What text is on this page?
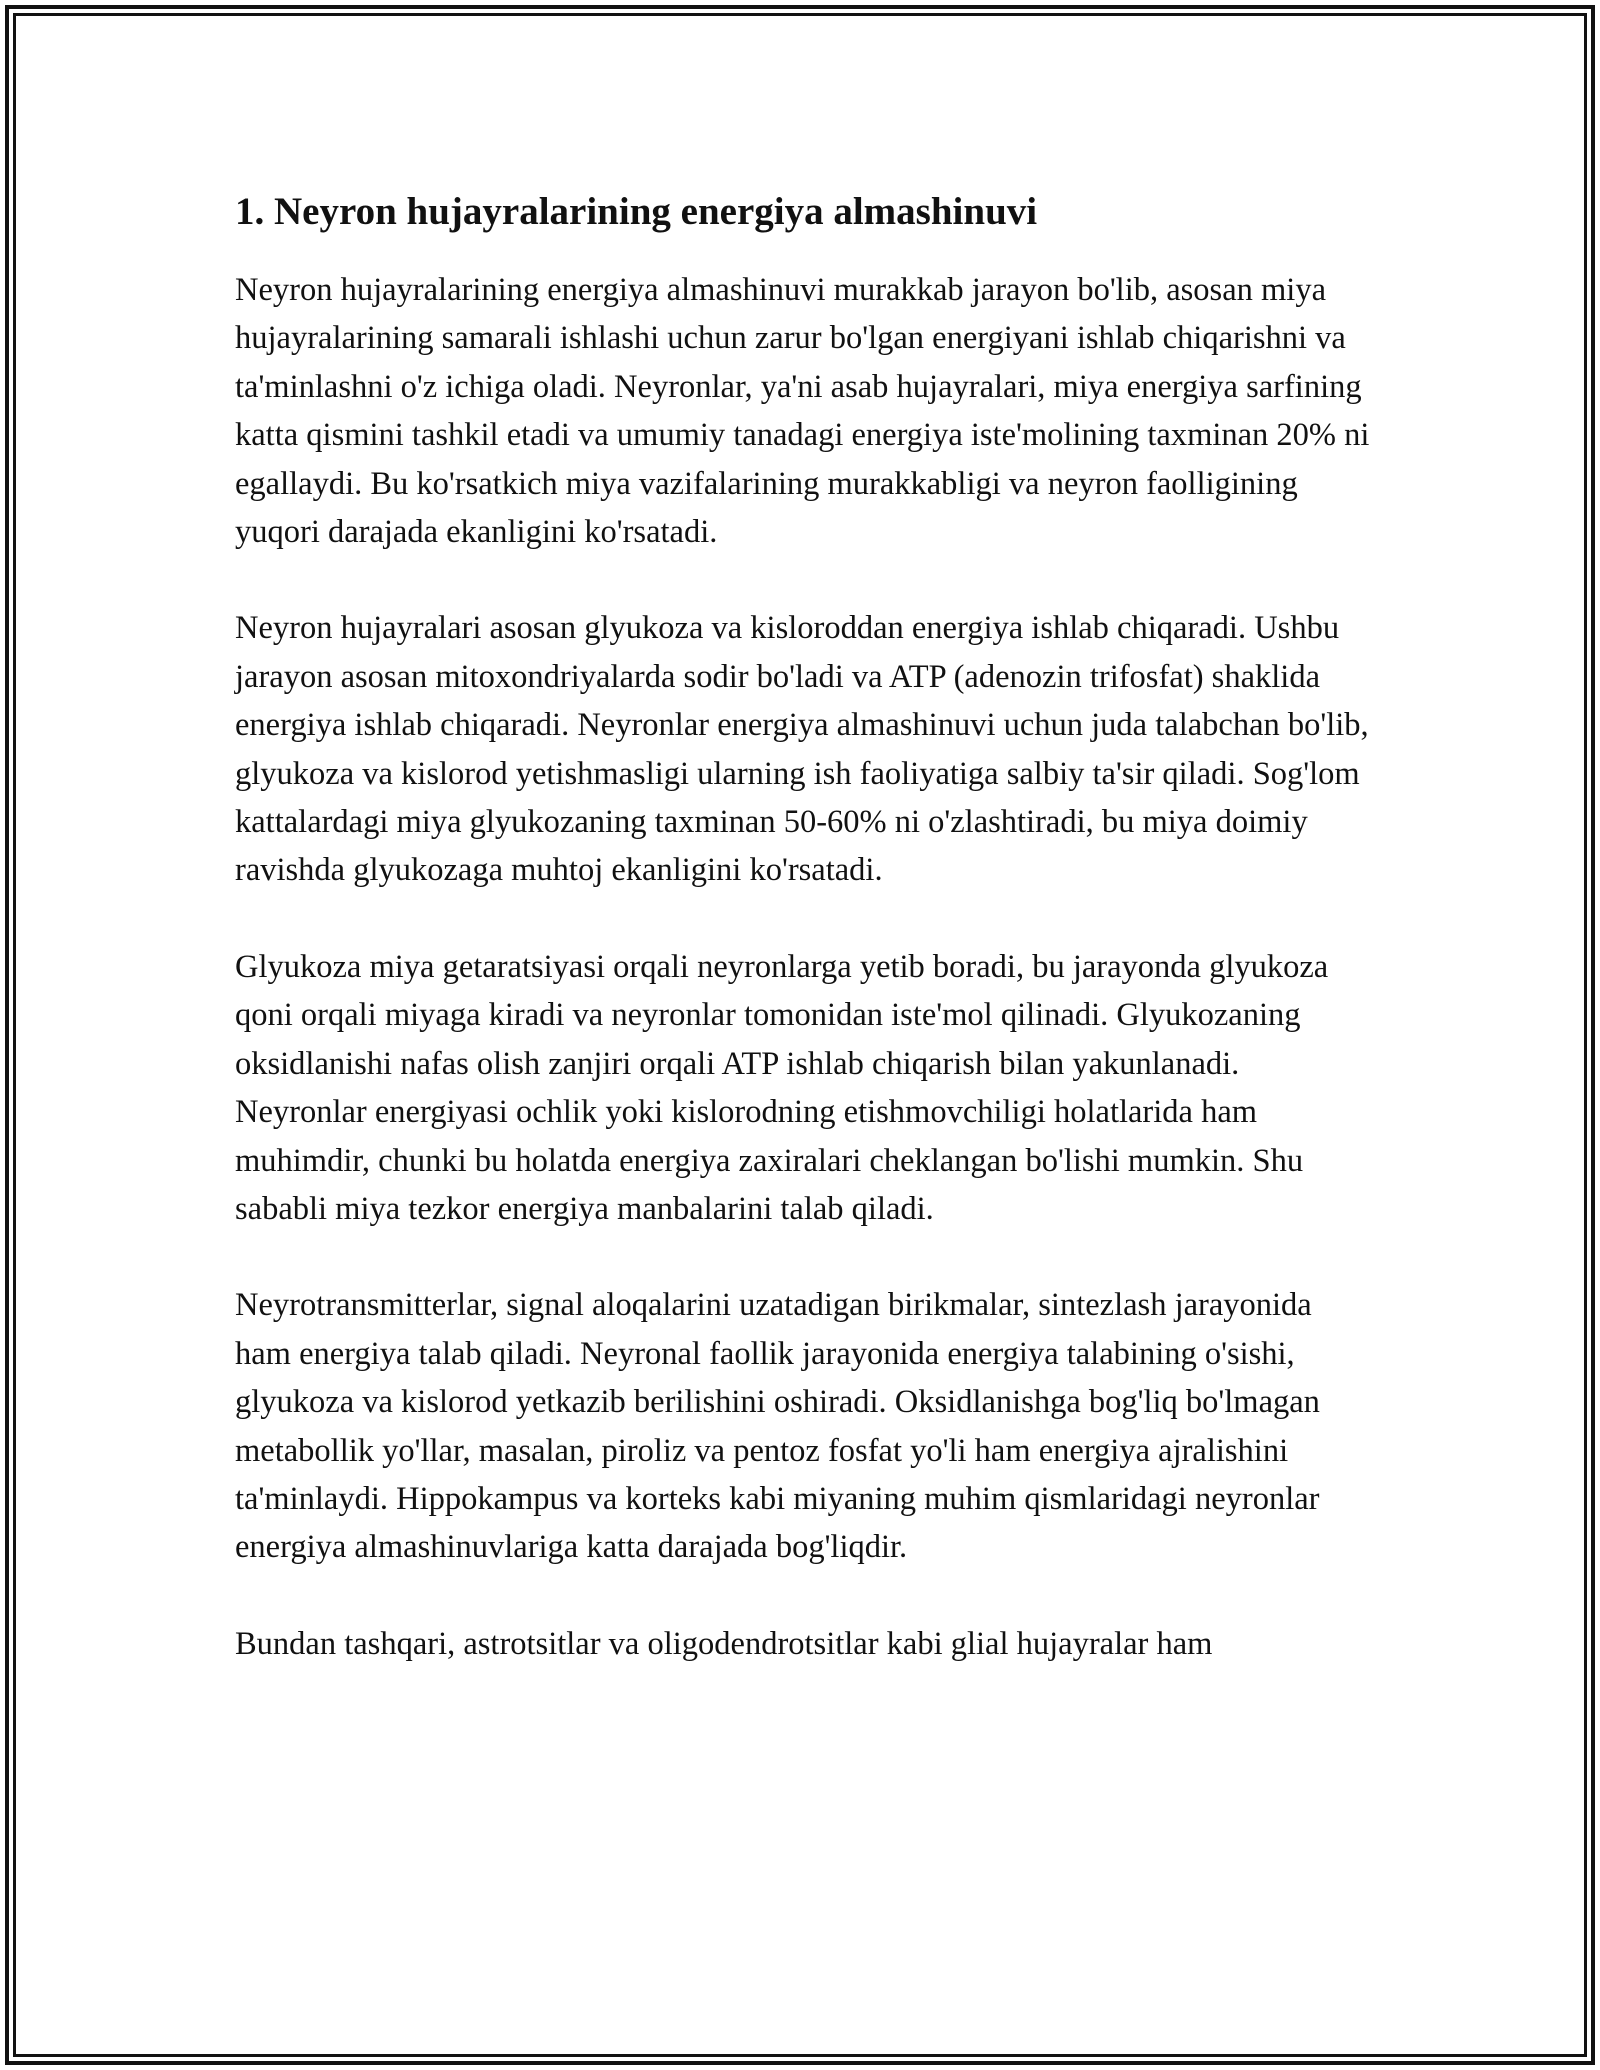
1. Neyron hujayralarining energiya almashinuvi

Neyron hujayralarining energiya almashinuvi murakkab jarayon bo'lib, asosan miya hujayralarining samarali ishlashi uchun zarur bo'lgan energiyani ishlab chiqarishni va ta'minlashni o'z ichiga oladi. Neyronlar, ya'ni asab hujayralari, miya energiya sarfining katta qismini tashkil etadi va umumiy tanadagi energiya iste'molining taxminan 20% ni egallaydi. Bu ko'rsatkich miya vazifalarining murakkabligi va neyron faolligining yuqori darajada ekanligini ko'rsatadi.

Neyron hujayralari asosan glyukoza va kisloroddan energiya ishlab chiqaradi. Ushbu jarayon asosan mitoxondriyalarda sodir bo'ladi va ATP (adenozin trifosfat) shaklida energiya ishlab chiqaradi. Neyronlar energiya almashinuvi uchun juda talabchan bo'lib, glyukoza va kislorod yetishmasligi ularning ish faoliyatiga salbiy ta'sir qiladi. Sog'lom kattalardagi miya glyukozaning taxminan 50-60% ni o'zlashtiradi, bu miya doimiy ravishda glyukozaga muhtoj ekanligini ko'rsatadi.

Glyukoza miya getaratsiyasi orqali neyronlarga yetib boradi, bu jarayonda glyukoza qoni orqali miyaga kiradi va neyronlar tomonidan iste'mol qilinadi. Glyukozaning oksidlanishi nafas olish zanjiri orqali ATP ishlab chiqarish bilan yakunlanadi. Neyronlar energiyasi ochlik yoki kislorodning etishmovchiligi holatlarida ham muhimdir, chunki bu holatda energiya zaxiralari cheklangan bo'lishi mumkin. Shu sababli miya tezkor energiya manbalarini talab qiladi.

Neyrotransmitterlar, signal aloqalarini uzatadigan birikmalar, sintezlash jarayonida ham energiya talab qiladi. Neyronal faollik jarayonida energiya talabining o'sishi, glyukoza va kislorod yetkazib berilishini oshiradi. Oksidlanishga bog'liq bo'lmagan metabollik yo'llar, masalan, piroliz va pentoz fosfat yo'li ham energiya ajralishini ta'minlaydi. Hippokampus va korteks kabi miyaning muhim qismlaridagi neyronlar energiya almashinuvlariga katta darajada bog'liqdir.

Bundan tashqari, astrotsitlar va oligodendrotsitlar kabi glial hujayralar ham
